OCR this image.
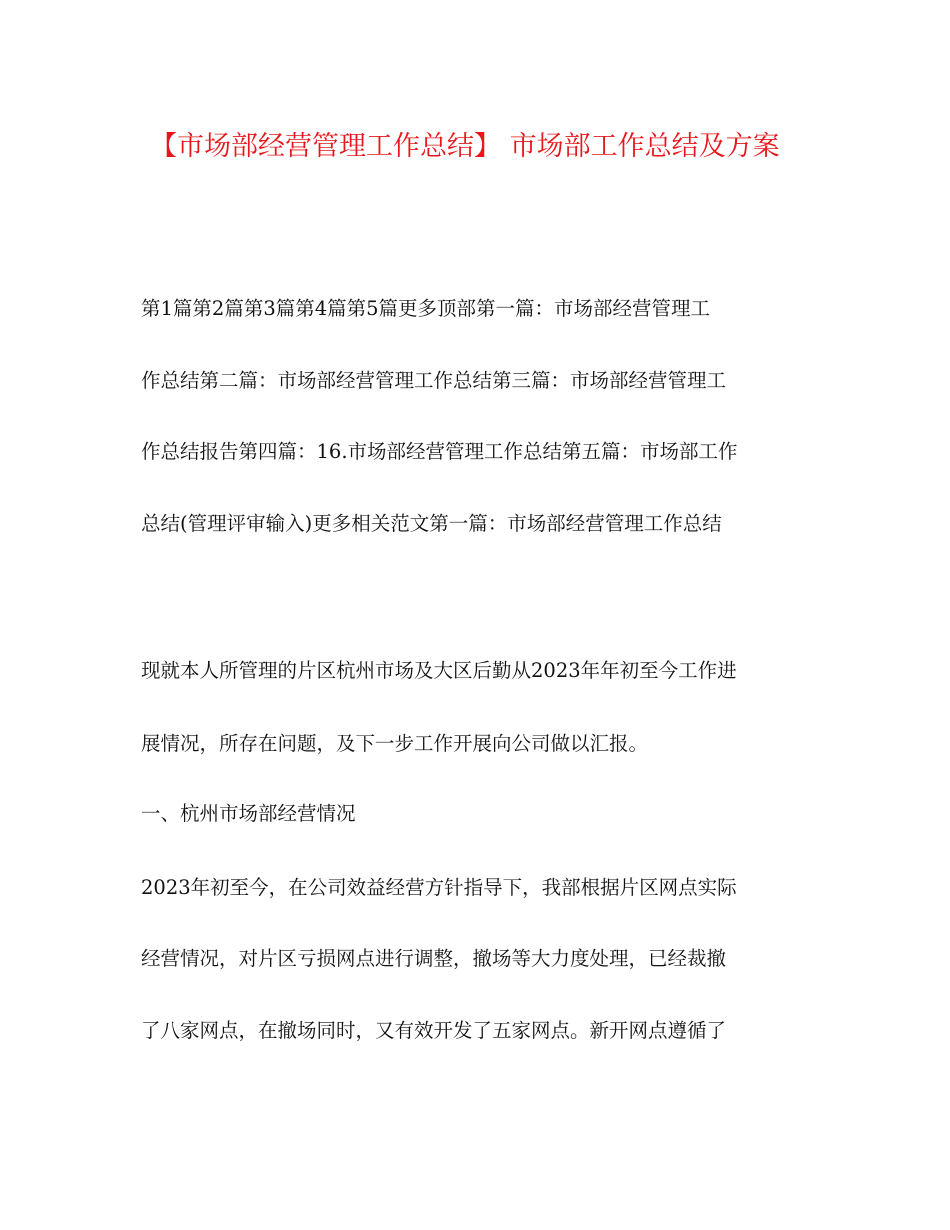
【市场部经营管理工作总结】 市场部工作总结及方案
第1篇第2篇第3篇第4篇第5篇更多顶部第一篇：市场部经营管理工
作总结第二篇：市场部经营管理工作总结第三篇：市场部经营管理工
作总结报告第四篇：16.市场部经营管理工作总结第五篇：市场部工作
总结(管理评审输入)更多相关范文第一篇：市场部经营管理工作总结
现就本人所管理的片区杭州市场及大区后勤从2023年年初至今工作进
展情况，所存在问题，及下一步工作开展向公司做以汇报。
一、杭州市场部经营情况
2023年初至今，在公司效益经营方针指导下，我部根据片区网点实际
经营情况，对片区亏损网点进行调整，撤场等大力度处理，已经裁撤
了八家网点，在撤场同时，又有效开发了五家网点。新开网点遵循了
